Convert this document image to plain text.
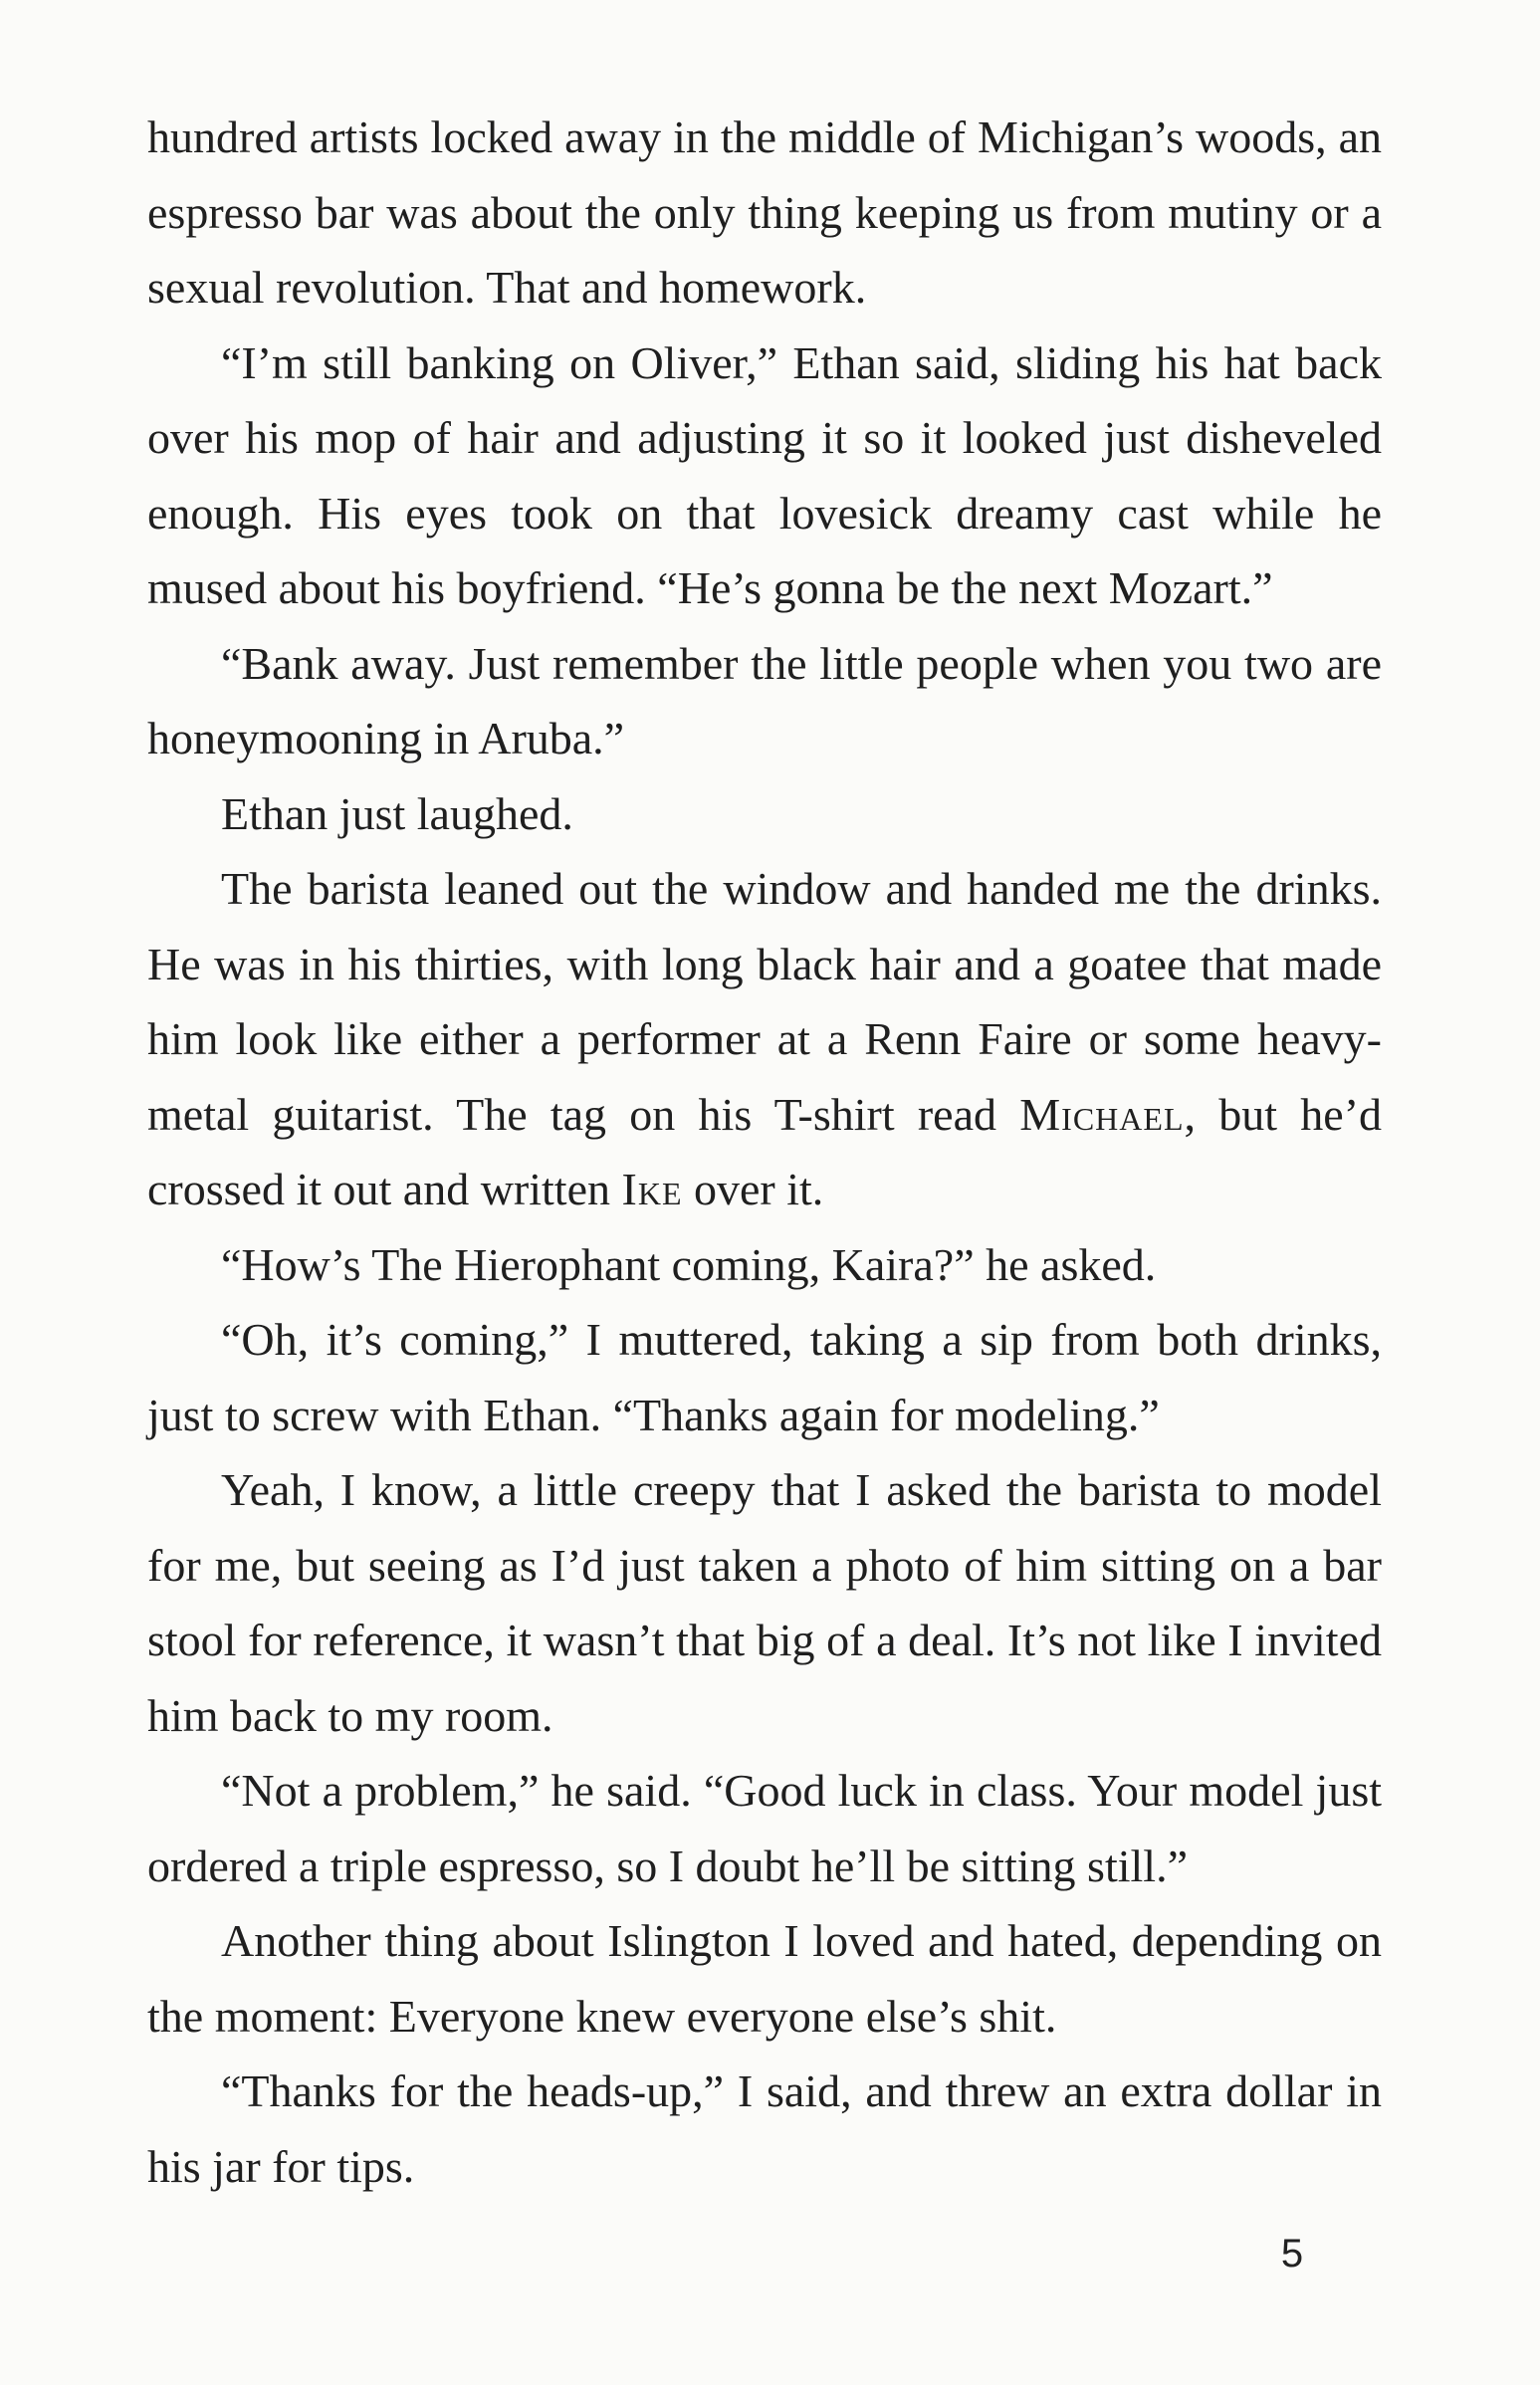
hundred artists locked away in the middle of Michigan’s woods, an espresso bar was about the only thing keeping us from mutiny or a sexual revolution. That and homework.

“I’m still banking on Oliver,” Ethan said, sliding his hat back over his mop of hair and adjusting it so it looked just disheveled enough. His eyes took on that lovesick dreamy cast while he mused about his boyfriend. “He’s gonna be the next Mozart.”

“Bank away. Just remember the little people when you two are honeymooning in Aruba.”

Ethan just laughed.

The barista leaned out the window and handed me the drinks. He was in his thirties, with long black hair and a goatee that made him look like either a performer at a Renn Faire or some heavy-metal guitarist. The tag on his T-shirt read Michael, but he’d crossed it out and written Ike over it.

“How’s The Hierophant coming, Kaira?” he asked.

“Oh, it’s coming,” I muttered, taking a sip from both drinks, just to screw with Ethan. “Thanks again for modeling.”

Yeah, I know, a little creepy that I asked the barista to model for me, but seeing as I’d just taken a photo of him sitting on a bar stool for reference, it wasn’t that big of a deal. It’s not like I invited him back to my room.

“Not a problem,” he said. “Good luck in class. Your model just ordered a triple espresso, so I doubt he’ll be sitting still.”

Another thing about Islington I loved and hated, depending on the moment: Everyone knew everyone else’s shit.

“Thanks for the heads-up,” I said, and threw an extra dollar in his jar for tips.

5
